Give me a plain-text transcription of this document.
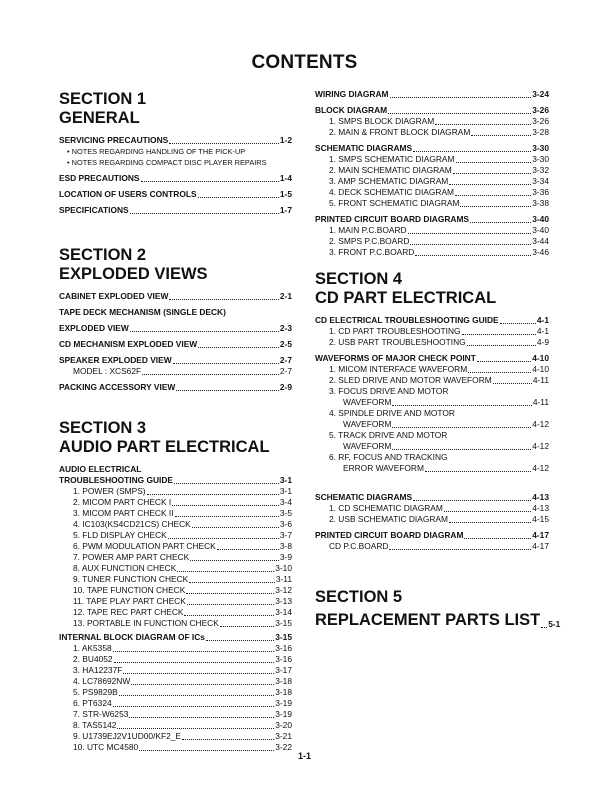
CONTENTS
SECTION 1
GENERAL
SERVICING PRECAUTIONS	1-2
• NOTES REGARDING HANDLING OF THE PICK-UP
• NOTES REGARDING COMPACT DISC PLAYER REPAIRS
ESD PRECAUTIONS	1-4
LOCATION OF USERS CONTROLS	1-5
SPECIFICATIONS	1-7
SECTION 2
EXPLODED VIEWS
CABINET EXPLODED VIEW	2-1
TAPE DECK MECHANISM (SINGLE DECK)
EXPLODED VIEW	2-3
CD MECHANISM EXPLODED VIEW	2-5
SPEAKER EXPLODED VIEW	2-7
MODEL : XCS62F	2-7
PACKING ACCESSORY VIEW	2-9
SECTION 3
AUDIO PART ELECTRICAL
AUDIO ELECTRICAL
TROUBLESHOOTING GUIDE	3-1
1. POWER (SMPS)	3-1
2. MICOM PART CHECK I	3-4
3. MICOM PART CHECK II	3-5
4. IC103(KS4CD21CS) CHECK	3-6
5. FLD DISPLAY CHECK	3-7
6. PWM MODULATION PART CHECK	3-8
7. POWER AMP PART CHECK	3-9
8. AUX FUNCTION CHECK	3-10
9. TUNER FUNCTION CHECK	3-11
10. TAPE FUNCTION CHECK	3-12
11. TAPE PLAY PART CHECK	3-13
12. TAPE REC PART CHECK	3-14
13. PORTABLE IN FUNCTION CHECK	3-15
INTERNAL BLOCK DIAGRAM OF ICs	3-15
1. AK5358	3-16
2. BU4052	3-16
3. HA12237F	3-17
4. LC78692NW	3-18
5. PS9829B	3-18
6. PT6324	3-19
7. STR-W6253	3-19
8. TAS5142	3-20
9. U1739EJ2V1UD00/KF2_E	3-21
10. UTC MC4580	3-22
WIRING DIAGRAM	3-24
BLOCK DIAGRAM	3-26
1. SMPS BLOCK DIAGRAM	3-26
2. MAIN & FRONT BLOCK DIAGRAM	3-28
SCHEMATIC DIAGRAMS	3-30
1. SMPS SCHEMATIC DIAGRAM	3-30
2. MAIN SCHEMATIC DIAGRAM	3-32
3. AMP SCHEMATIC DIAGRAM	3-34
4. DECK SCHEMATIC DIAGRAM	3-36
5. FRONT SCHEMATIC DIAGRAM	3-38
PRINTED CIRCUIT BOARD DIAGRAMS	3-40
1. MAIN P.C.BOARD	3-40
2. SMPS P.C.BOARD	3-44
3. FRONT P.C.BOARD	3-46
SECTION 4
CD PART ELECTRICAL
CD ELECTRICAL TROUBLESHOOTING GUIDE	4-1
1. CD PART TROUBLESHOOTING	4-1
2. USB PART TROUBLESHOOTING	4-9
WAVEFORMS OF MAJOR CHECK POINT	4-10
1. MICOM INTERFACE WAVEFORM	4-10
2. SLED DRIVE AND MOTOR WAVEFORM	4-11
3. FOCUS DRIVE AND MOTOR
WAVEFORM	4-11
4. SPINDLE DRIVE AND MOTOR
WAVEFORM	4-12
5. TRACK DRIVE AND MOTOR
WAVEFORM	4-12
6. RF, FOCUS AND TRACKING
ERROR WAVEFORM	4-12
SCHEMATIC DIAGRAMS	4-13
1. CD SCHEMATIC DIAGRAM	4-13
2. USB SCHEMATIC DIAGRAM	4-15
PRINTED CIRCUIT BOARD DIAGRAM	4-17
CD P.C.BOARD	4-17
SECTION 5
REPLACEMENT PARTS LIST 5-1
1-1
